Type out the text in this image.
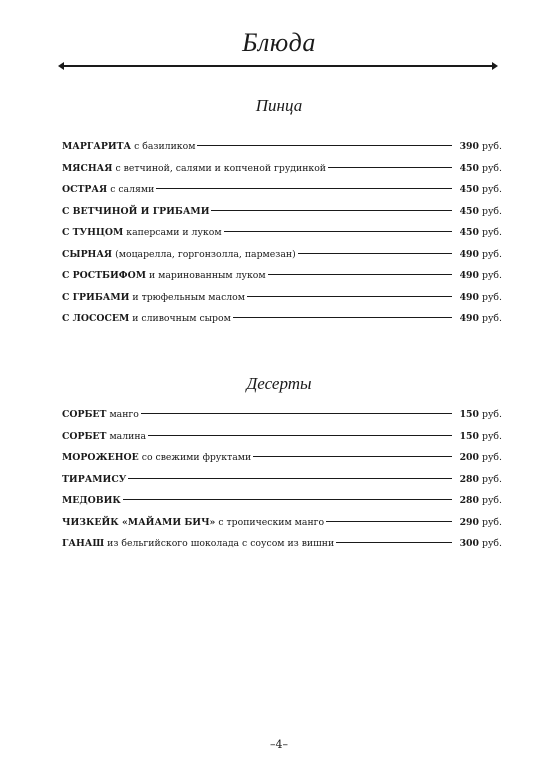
Блюда
Пинца
МАРГАРИТА с базиликом	390 руб.
МЯСНАЯ с ветчиной, салями и копченой грудинкой	450 руб.
ОСТРАЯ с салями	450 руб.
С ВЕТЧИНОЙ И ГРИБАМИ	450 руб.
С ТУНЦОМ каперсами и луком	450 руб.
СЫРНАЯ (моцарелла, горгонзолла, пармезан)	490 руб.
С РОСТБИФОМ и маринованным луком	490 руб.
С ГРИБАМИ и трюфельным маслом	490 руб.
С ЛОСОСЕМ и сливочным сыром	490 руб.
Десерты
СОРБЕТ манго	150 руб.
СОРБЕТ малина	150 руб.
МОРОЖЕНОЕ со свежими фруктами	200 руб.
ТИРАМИСУ	280 руб.
МЕДОВИК	280 руб.
ЧИЗКЕЙК «МАЙАМИ БИЧ» с тропическим манго	290 руб.
ГАНАШ из бельгийского шоколада с соусом из вишни	300 руб.
–4–
